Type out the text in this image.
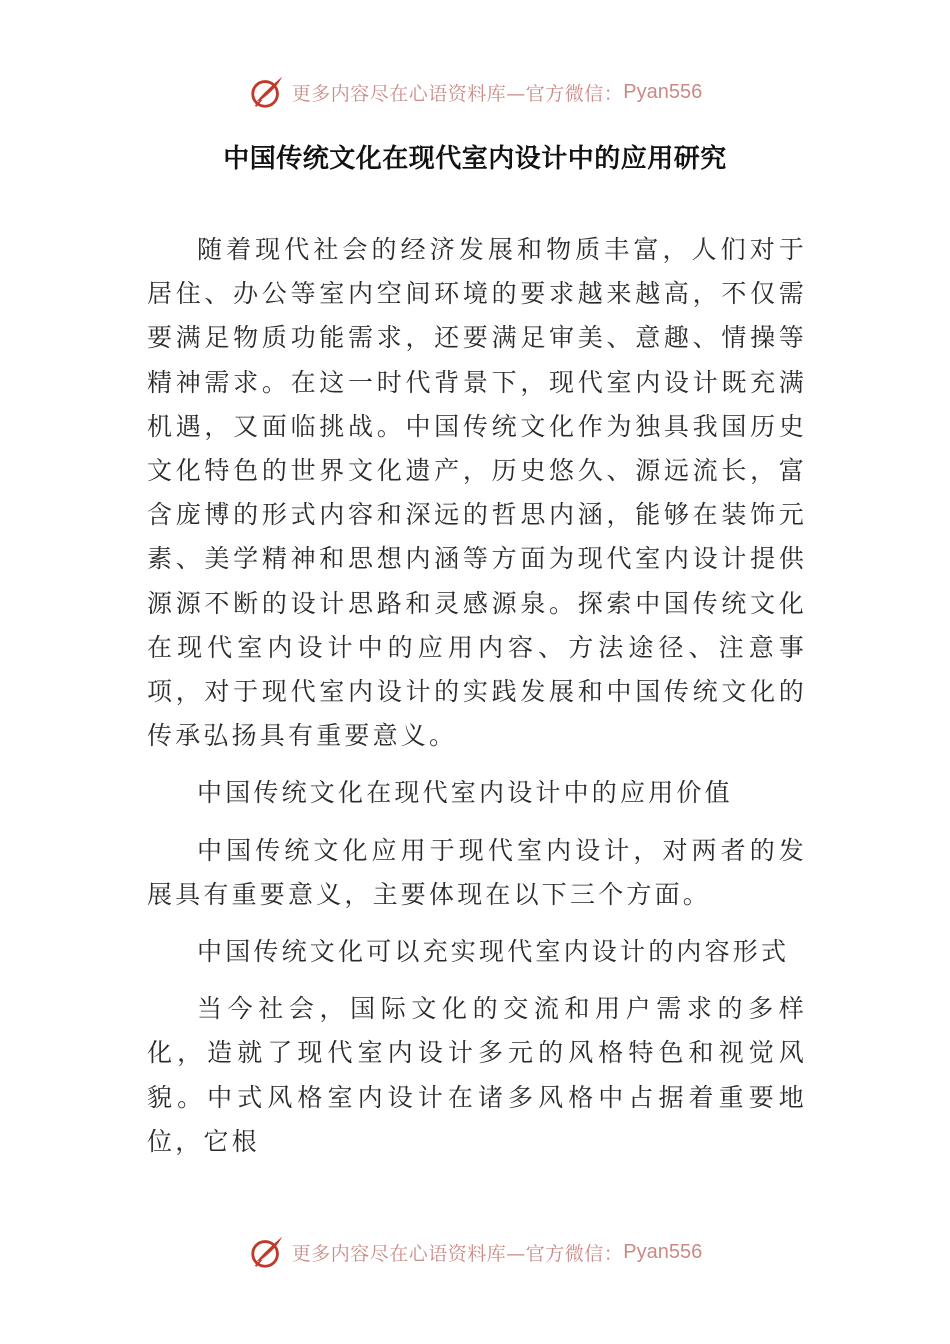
更多内容尽在心语资料库—官方微信： Pyan556
中国传统文化在现代室内设计中的应用研究

随着现代社会的经济发展和物质丰富，人们对于居住、办公等室内空间环境的要求越来越高，不仅需要满足物质功能需求，还要满足审美、意趣、情操等精神需求。在这一时代背景下，现代室内设计既充满机遇，又面临挑战。中国传统文化作为独具我国历史文化特色的世界文化遗产，历史悠久、源远流长，富含庞博的形式内容和深远的哲思内涵，能够在装饰元素、美学精神和思想内涵等方面为现代室内设计提供源源不断的设计思路和灵感源泉。探索中国传统文化在现代室内设计中的应用内容、方法途径、注意事项，对于现代室内设计的实践发展和中国传统文化的传承弘扬具有重要意义。

中国传统文化在现代室内设计中的应用价值

中国传统文化应用于现代室内设计，对两者的发展具有重要意义，主要体现在以下三个方面。

中国传统文化可以充实现代室内设计的内容形式

当今社会，国际文化的交流和用户需求的多样化，造就了现代室内设计多元的风格特色和视觉风貌。中式风格室内设计在诸多风格中占据着重要地位，它根

更多内容尽在心语资料库—官方微信： Pyan556
